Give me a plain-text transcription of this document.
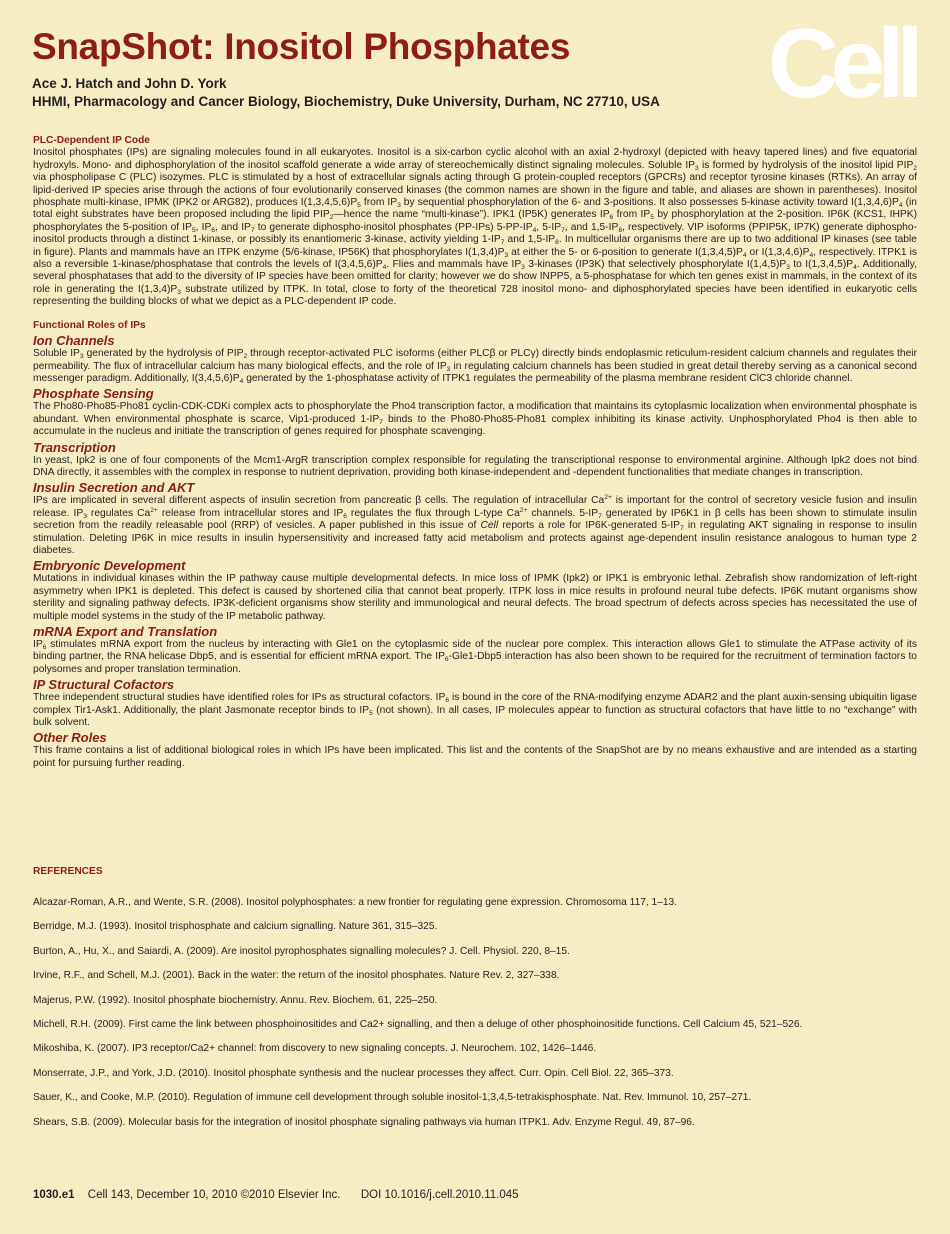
SnapShot: Inositol Phosphates
Ace J. Hatch and John D. York
HHMI, Pharmacology and Cancer Biology, Biochemistry, Duke University, Durham, NC 27710, USA Cell
PLC-Dependent IP Code

Inositol phosphates (IPs) are signaling molecules found in all eukaryotes. Inositol is a six-carbon cyclic alcohol with an axial 2-hydroxyl (depicted with heavy tapered lines) and five equatorial hydroxyls. Mono- and diphosphorylation of the inositol scaffold generate a wide array of stereochemically distinct signaling molecules. Soluble $IP_3$ is formed by hydrolysis of the inositol lipid $PIP_2$ via phospholipase C (PLC) isozymes. PLC is stimulated by a host of extracellular signals acting through G protein-coupled receptors (GPCRs) and receptor tyrosine kinases (RTKs). An array of lipid-derived IP species arise through the actions of four evolutionarily conserved kinases (the common names are shown in the figure and table, and aliases are shown in parentheses). Inositol phosphate multi-kinase, IPMK (IPK2 or ARG82), produces $I(1,3,4,5,6)P_5$ from $IP_3$ by sequential phosphorylation of the 6- and 3-positions. It also possesses 5-kinase activity toward $I(1,3,4,6)P_4$ (in total eight substrates have been proposed including the lipid $PIP_2—hence$ the name “multi-kinase”). IPK1 (IP5K) generates $IP_6$ from $IP_5$ by phosphorylation at the 2-position. IP6K (KCS1, IHPK) phosphorylates the 5-position of $IP_5$, $IP_6$, and $IP_7$ to generate diphospho-inositol phosphates (PP-IPs) $5-PP-IP_4$, $5-IP_7$, and $1,5-IP_8$, respectively. VIP isoforms (PPIP5K, IP7K) generate diphospho-inositol products through a distinct 1-kinase, or possibly its enantiomeric 3-kinase, activity yielding $1-IP_7$ and $1,5-IP_8$. In multicellular organisms there are up to two additional IP kinases (see table in figure). Plants and mammals have an ITPK enzyme (5/6-kinase, IP56K) that phosphorylates $I(1,3,4)P_3$ at either the 5- or 6-position to generate $I(1,3,4,5)P_4$ or $I(1,3,4,6)P_4$, respectively. ITPK1 is also a reversible 1-kinase/phosphatase that controls the levels of $I(3,4,5,6)P_4$. Flies and mammals have $IP_3$ 3-kinases (IP3K) that selectively phosphorylate $I(1,4,5)P_3$ to $I(1,3,4,5)P_4$. Additionally, several phosphatases that add to the diversity of IP species have been omitted for clarity; however we do show INPP5, a 5-phosphatase for which ten genes exist in mammals, in the context of its role in generating the $I(1,3,4)P_3$ substrate utilized by ITPK. In total, close to forty of the theoretical 728 inositol mono- and diphosphorylated species have been identified in eukaryotic cells representing the building blocks of what we depict as a PLC-dependent IP code.

Functional Roles of IPs
Ion Channels

Soluble $IP_3$ generated by the hydrolysis of $PIP_2$ through receptor-activated PLC isoforms (either PLCβ or PLCγ) directly binds endoplasmic reticulum-resident calcium channels and regulates their permeability. The flux of intracellular calcium has many biological effects, and the role of $IP_3$ in regulating calcium channels has been studied in great detail thereby serving as a canonical second messenger paradigm. Additionally, $I(3,4,5,6)P_4$ generated by the 1-phosphatase activity of ITPK1 regulates the permeability of the plasma membrane resident ClC3 chloride channel.

Phosphate Sensing

The Pho80-Pho85-Pho81 cyclin-CDK-CDKi complex acts to phosphorylate the Pho4 transcription factor, a modification that maintains its cytoplasmic localization when environmental phosphate is abundant. When environmental phosphate is scarce, Vip1-produced $1-IP_7$ binds to the Pho80-Pho85-Pho81 complex inhibiting its kinase activity. Unphosphorylated Pho4 is then able to accumulate in the nucleus and initiate the transcription of genes required for phosphate scavenging.

Transcription

In yeast, Ipk2 is one of four components of the Mcm1-ArgR transcription complex responsible for regulating the transcriptional response to environmental arginine. Although Ipk2 does not bind DNA directly, it assembles with the complex in response to nutrient deprivation, providing both kinase-independent and -dependent functionalities that mediate changes in transcription.

Insulin Secretion and AKT

IPs are implicated in several different aspects of insulin secretion from pancreatic β cells. The regulation of intracellular $Ca^{2+}$ is important for the control of secretory vesicle fusion and insulin release. $IP_3$ regulates $Ca^{2+}$ release from intracellular stores and $IP_6$ regulates the flux through L-type $Ca^{2+}$ channels. $5-IP_7$ generated by IP6K1 in β cells has been shown to stimulate insulin secretion from the readily releasable pool (RRP) of vesicles. A paper published in this issue of Cell reports a role for IP6K-generated $5-IP_7$ in regulating AKT signaling in response to insulin stimulation. Deleting IP6K in mice results in insulin hypersensitivity and increased fatty acid metabolism and protects against age-dependent insulin resistance analogous to human type 2 diabetes.

Embryonic Development

Mutations in individual kinases within the IP pathway cause multiple developmental defects. In mice loss of IPMK (Ipk2) or IPK1 is embryonic lethal. Zebrafish show randomization of left-right asymmetry when IPK1 is depleted. This defect is caused by shortened cilia that cannot beat properly. ITPK loss in mice results in profound neural tube defects. IP6K mutant organisms show sterility and signaling pathway defects. IP3K-deficient organisms show sterility and immunological and neural defects. The broad spectrum of defects across species has necessitated the use of multiple model systems in the study of the IP metabolic pathway.

mRNA Export and Translation

$IP_6$ stimulates mRNA export from the nucleus by interacting with Gle1 on the cytoplasmic side of the nuclear pore complex. This interaction allows Gle1 to stimulate the ATPase activity of its binding partner, the RNA helicase Dbp5, and is essential for efficient mRNA export. The $IP_6-Gle1-Dbp5$ interaction has also been shown to be required for the recruitment of termination factors to polysomes and proper translation termination.

IP Structural Cofactors

Three independent structural studies have identified roles for IPs as structural cofactors. $IP_6$ is bound in the core of the RNA-modifying enzyme ADAR2 and the plant auxin-sensing ubiquitin ligase complex Tir1-Ask1. Additionally, the plant Jasmonate receptor binds to $IP_5$ (not shown). In all cases, IP molecules appear to function as structural cofactors that have little to no “exchange” with bulk solvent.

Other Roles

This frame contains a list of additional biological roles in which IPs have been implicated. This list and the contents of the SnapShot are by no means exhaustive and are intended as a starting point for pursuing further reading.

REFERENCES
Alcazar-Roman, A.R., and Wente, S.R. (2008). Inositol polyphosphates: a new frontier for regulating gene expression. Chromosoma 117, 1–13.
Berridge, M.J. (1993). Inositol trisphosphate and calcium signalling. Nature 361, 315–325.
Burton, A., Hu, X., and Saiardi, A. (2009). Are inositol pyrophosphates signalling molecules? J. Cell. Physiol. 220, 8–15.
Irvine, R.F., and Schell, M.J. (2001). Back in the water: the return of the inositol phosphates. Nature Rev. 2, 327–338.
Majerus, P.W. (1992). Inositol phosphate biochemistry. Annu. Rev. Biochem. 61, 225–250.
Michell, R.H. (2009). First came the link between phosphoinositides and Ca2+ signalling, and then a deluge of other phosphoinositide functions. Cell Calcium 45, 521–526.
Mikoshiba, K. (2007). IP3 receptor/Ca2+ channel: from discovery to new signaling concepts. J. Neurochem. 102, 1426–1446.
Monserrate, J.P., and York, J.D. (2010). Inositol phosphate synthesis and the nuclear processes they affect. Curr. Opin. Cell Biol. 22, 365–373.
Sauer, K., and Cooke, M.P. (2010). Regulation of immune cell development through soluble inositol-1,3,4,5-tetrakisphosphate. Nat. Rev. Immunol. 10, 257–271.
Shears, S.B. (2009). Molecular basis for the integration of inositol phosphate signaling pathways via human ITPK1. Adv. Enzyme Regul. 49, 87–96.
1030.e1 Cell 143, December 10, 2010 ©2010 Elsevier Inc. DOI 10.1016/j.cell.2010.11.045
